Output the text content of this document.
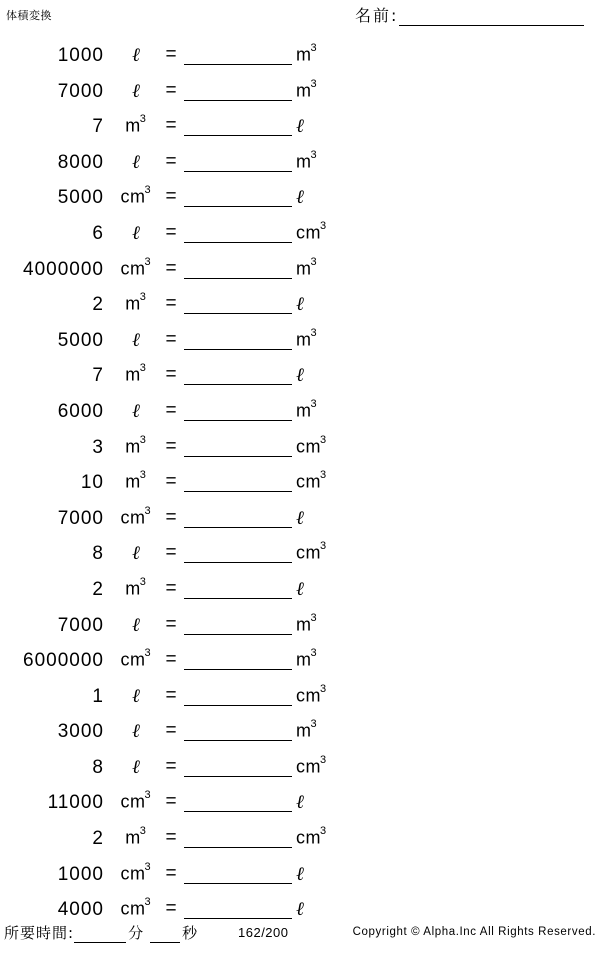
体積変換	名前:
1000	ℓ	=	$m^3$
7000	ℓ	=	$m^3$
7	$m^3$	=	ℓ
8000	ℓ	=	$m^3$
5000 $cm^3$ =	ℓ
6	ℓ	=	$cm^3$
4000000 $cm^3$ =	$m^3$
2	$m^3$	=	ℓ
5000	ℓ	=	$m^3$
7	$m^3$	=	ℓ
6000	ℓ	=	$m^3$
3	$m^3$	=	$cm^3$
10	$m^3$	=	$cm^3$
7000 $cm^3$ =	ℓ
8	ℓ	=	$cm^3$
2	$m^3$	=	ℓ
7000	ℓ	=	$m^3$
6000000 $cm^3$ =	$m^3$
1	ℓ	=	$cm^3$
3000	ℓ	=	$m^3$
8	ℓ	=	$cm^3$
11000 $cm^3$ =	ℓ
2	$m^3$	=	$cm^3$
1000 $cm^3$ =	ℓ
4000 $cm^3$ =	ℓ
所要時間:	分	秒	162/200	Copyright © Alpha.Inc All Rights Reserved.
